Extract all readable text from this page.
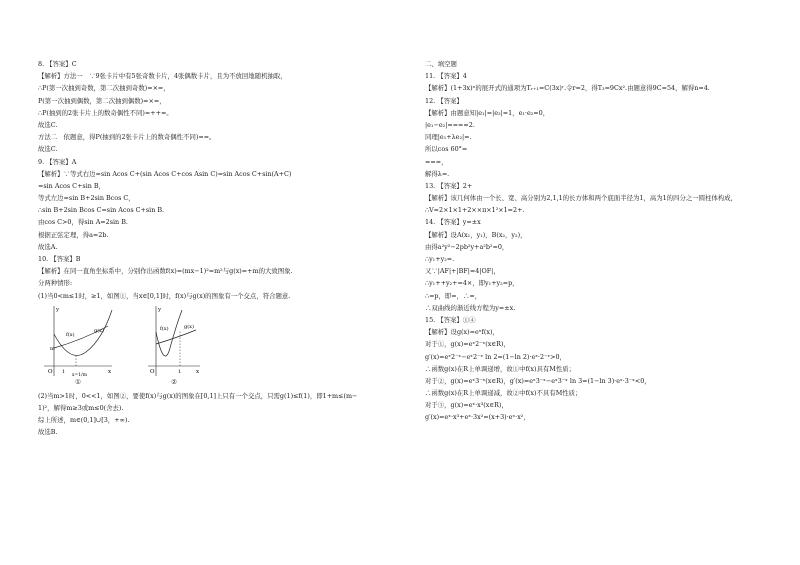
8. 【答案】C
【解析】方法一　∵9张卡片中有5张奇数卡片，4张偶数卡片，且为不放回地随机抽取，
∴P(第一次抽到奇数，第二次抽到奇数)=×=，
P(第一次抽到偶数，第二次抽到偶数)=×=，
∴P(抽到的2张卡片上的数奇偶性不同)=++=。
故选C.
方法二　依题意，得P(抽到的2张卡片上的数奇偶性不同)==。
故选C.
9. 【答案】A
【解析】∵等式右边=sin Acos C+(sin Acos C+cos Asin C)=sin Acos C+sin(A+C)
=sin Acos C+sin B，
等式左边=sin B+2sin Bcos C，
∴sin B+2sin Bcos C=sin Acos C+sin B.
由cos C>0，得sin A=2sin B.
根据正弦定理，得a=2b.
故选A.
10. 【答案】B
【解析】在同一直角坐标系中，分别作出函数f(x)=(mx−1)²=m²与g(x)=+m的大致图象.
分两种情形:
(1)当0<m≤1时，≥1，如图①，当x∈[0,1]时，f(x)与g(x)的图象有一个交点，符合题意.
x
y
O
f(x)
g(x)
1
m
x=1/m
①
x
y
O
f(x)	g(x)
1
②
(2)当m>1时，0<<1，如图②，要使f(x)与g(x)的图象在[0,1]上只有一个交点，只需g(1)≤f(1)，即1+m≤(m−
1)²，解得m≥3或m≤0(舍去).
综上所述，m∈(0,1]∪[3，+∞).
故选B.
二、填空题
11. 【答案】4
【解析】(1+3x)ⁿ的展开式的通项为Tᵣ₊₁=C(3x)ʳ.令r=2，得T₃=9Cx².由题意得9C=54，解得n=4.
12. 【答案】
【解析】由题意知|e₁|=|e₂|=1，e₁·e₂=0，
|e₁−e₂|====2.
同理|e₁+λe₂|=.
所以cos 60°=
===，
解得λ=.
13. 【答案】2+
【解析】该几何体由一个长、宽、高分别为2,1,1的长方体和两个底面半径为1，高为1的四分之一圆柱体构成，
∴V=2×1×1+2××π×1²×1=2+.
14. 【答案】y=±x
【解析】设A(x₁，y₁)，B(x₂，y₂)，
由得a²y²−2pb²y+a²b²=0，
∴y₁+y₂=.
又∵|AF|+|BF|=4|OF|，
∴y₁++y₂+=4×，即y₁+y₂=p，
∴=p，即=，∴=，
∴双曲线的渐近线方程为y=±x.
15. 【答案】①④
【解析】设g(x)=eˣf(x)，
对于①，g(x)=eˣ2⁻ˣ(x∈R)，
g′(x)=eˣ2⁻ˣ−eˣ2⁻ˣ ln 2=(1−ln 2)·eˣ·2⁻ˣ>0，
∴函数g(x)在R上单调递增，故①中f(x)具有M性质；
对于②，g(x)=eˣ3⁻ˣ(x∈R)，g′(x)=eˣ3⁻ˣ−eˣ3⁻ˣ ln 3=(1−ln 3)·eˣ·3⁻ˣ<0，
∴函数g(x)在R上单调递减，故②中f(x)不具有M性质；
对于③，g(x)=eˣ·x³(x∈R)，
g′(x)=eˣ·x³+eˣ·3x²=(x+3)·eˣ·x²，
